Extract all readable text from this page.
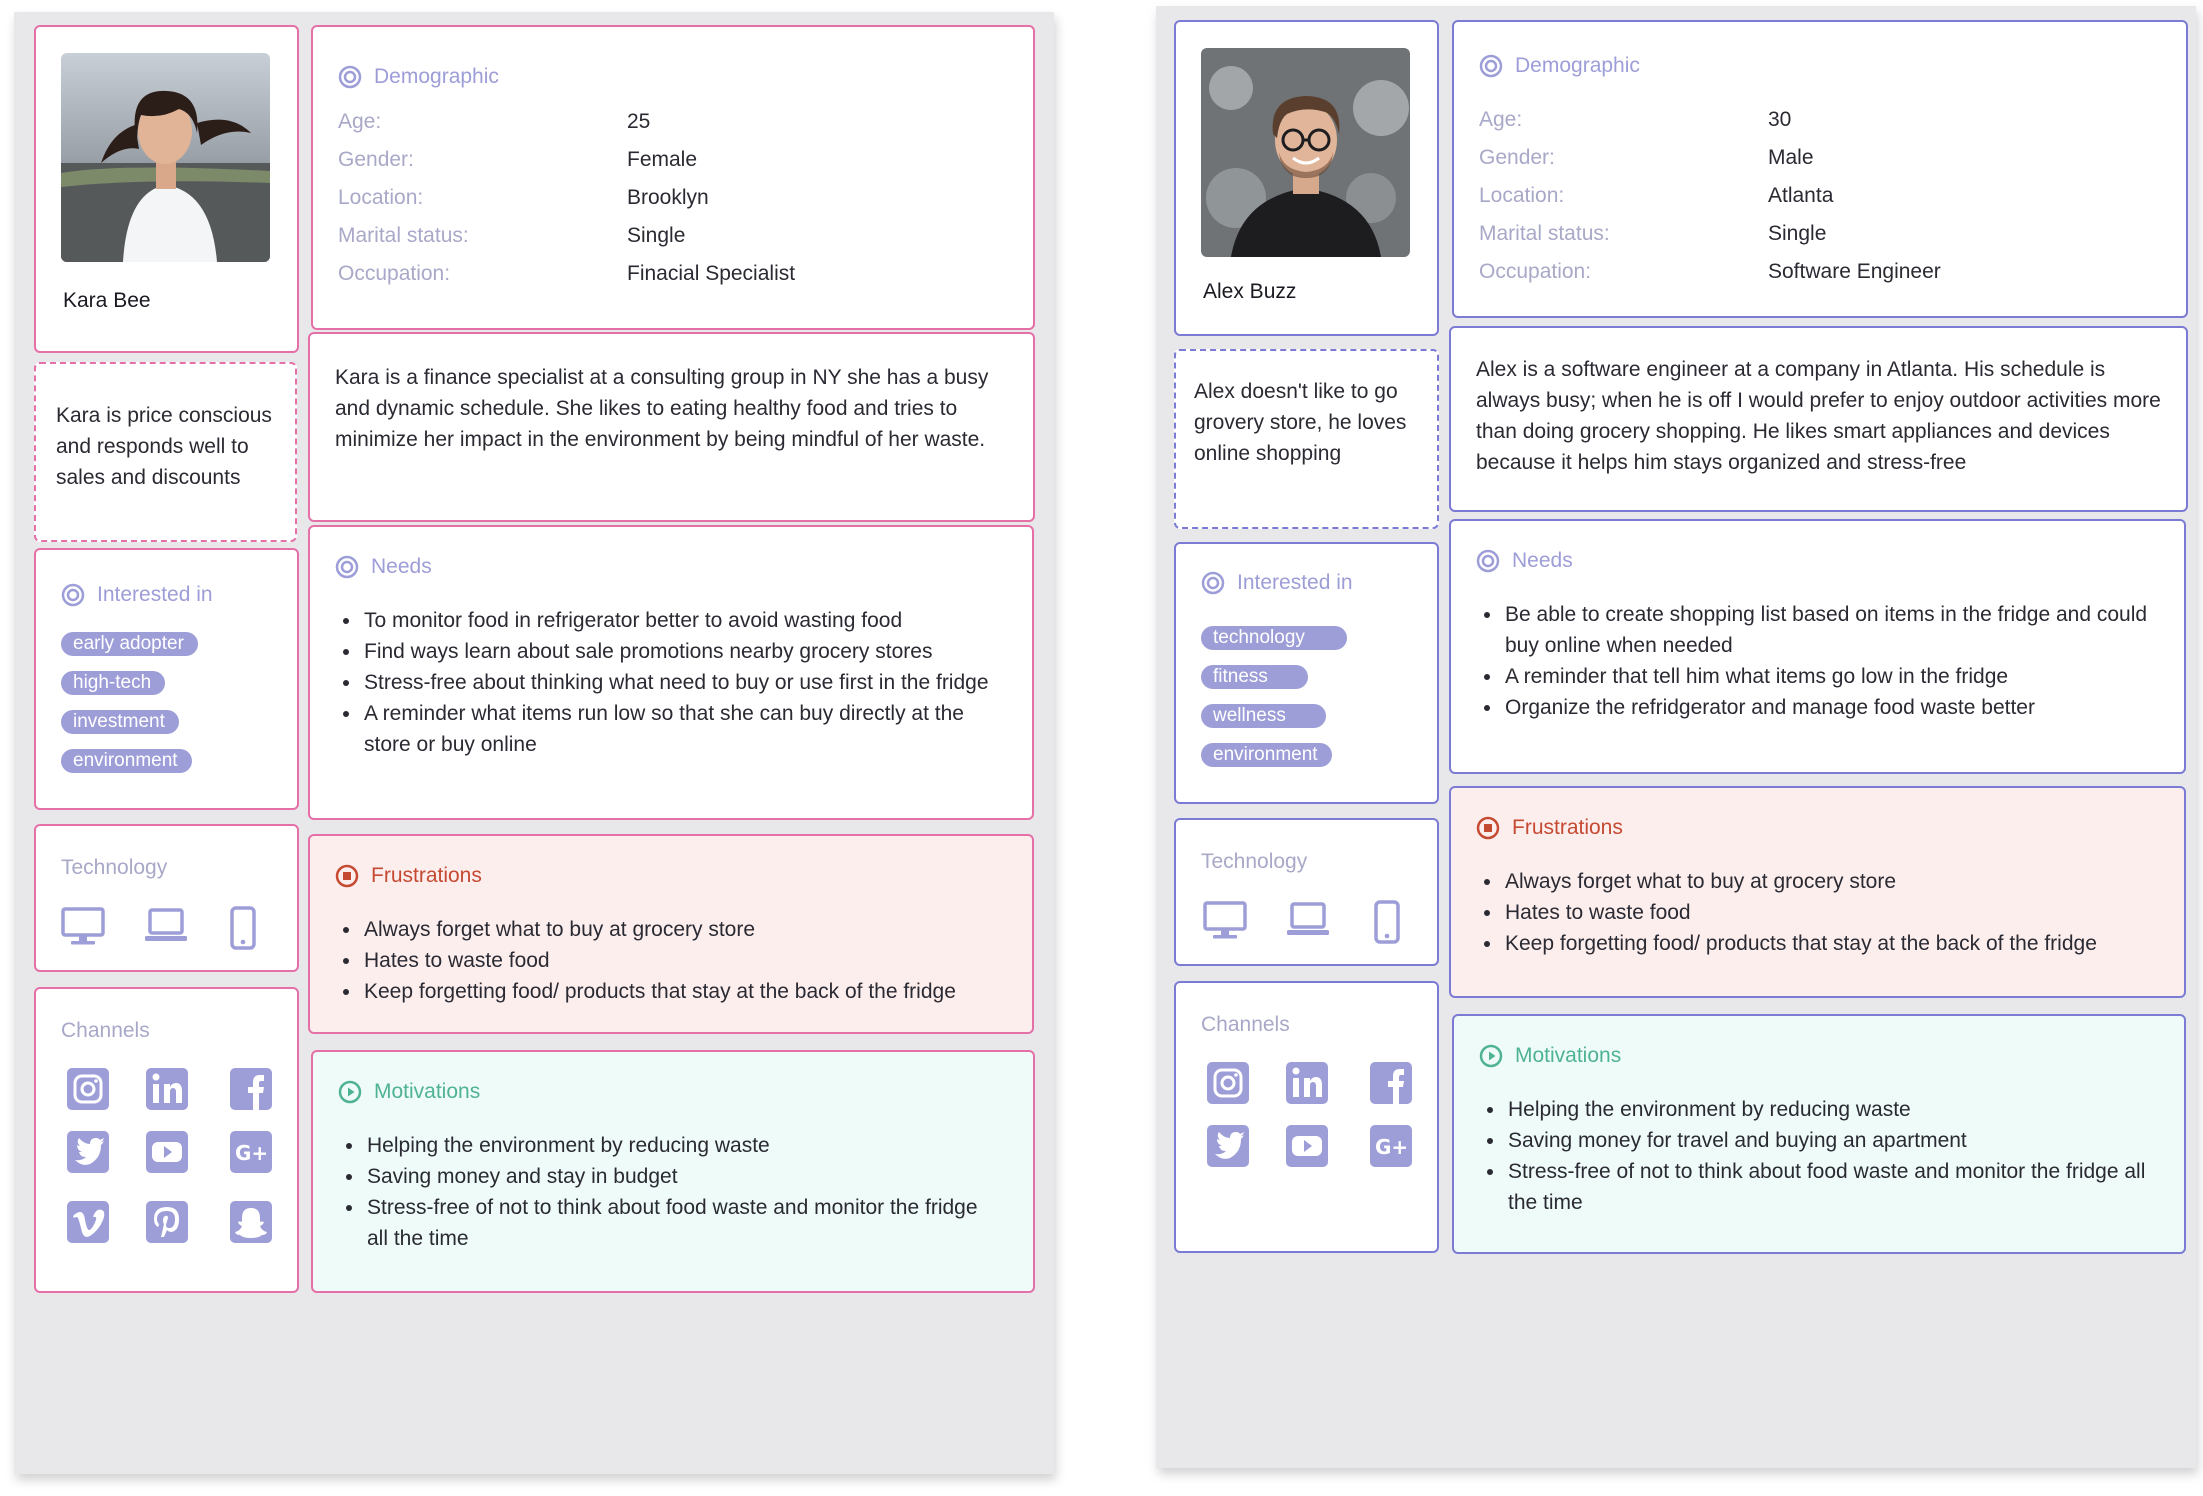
Kara Bee
Kara is price conscious and responds well to sales and discounts
Interested in
early adopter
high-tech
investment
environment
Technology
Channels
G+
Demographic
Age:	25
Gender:	Female
Location:	Brooklyn
Marital status:	Single
Occupation:	Finacial Specialist
Kara is a finance specialist at a consulting group in NY she has a busy and dynamic schedule. She likes to eating healthy food and tries to minimize her impact in the environment by being mindful of her waste.
Needs
• To monitor food in refrigerator better to avoid wasting food
• Find ways learn about sale promotions nearby grocery stores
• Stress-free about thinking what need to buy or use first in the fridge
• A reminder what items run low so that she can buy directly at the store or buy online
Frustrations
• Always forget what to buy at grocery store
• Hates to waste food
• Keep forgetting food/ products that stay at the back of the fridge
Motivations
• Helping the environment by reducing waste
• Saving money and stay in budget
• Stress-free of not to think about food waste and monitor the fridge all the time
Alex Buzz
Alex doesn't like to go grovery store, he loves online shopping
Interested in
technology
fitness
wellness
environment
Technology
Channels
G+
Demographic
Age:	30
Gender:	Male
Location:	Atlanta
Marital status:	Single
Occupation:	Software Engineer
Alex is a software engineer at a company in Atlanta. His schedule is always busy; when he is off I would prefer to enjoy outdoor activities more than doing grocery shopping. He likes smart appliances and devices because it helps him stays organized and stress-free
Needs
• Be able to create shopping list based on items in the fridge and could buy online when needed
• A reminder that tell him what items go low in the fridge
• Organize the refridgerator and manage food waste better
Frustrations
• Always forget what to buy at grocery store
• Hates to waste food
• Keep forgetting food/ products that stay at the back of the fridge
Motivations
• Helping the environment by reducing waste
• Saving money for travel and buying an apartment
• Stress-free of not to think about food waste and monitor the fridge all the time
